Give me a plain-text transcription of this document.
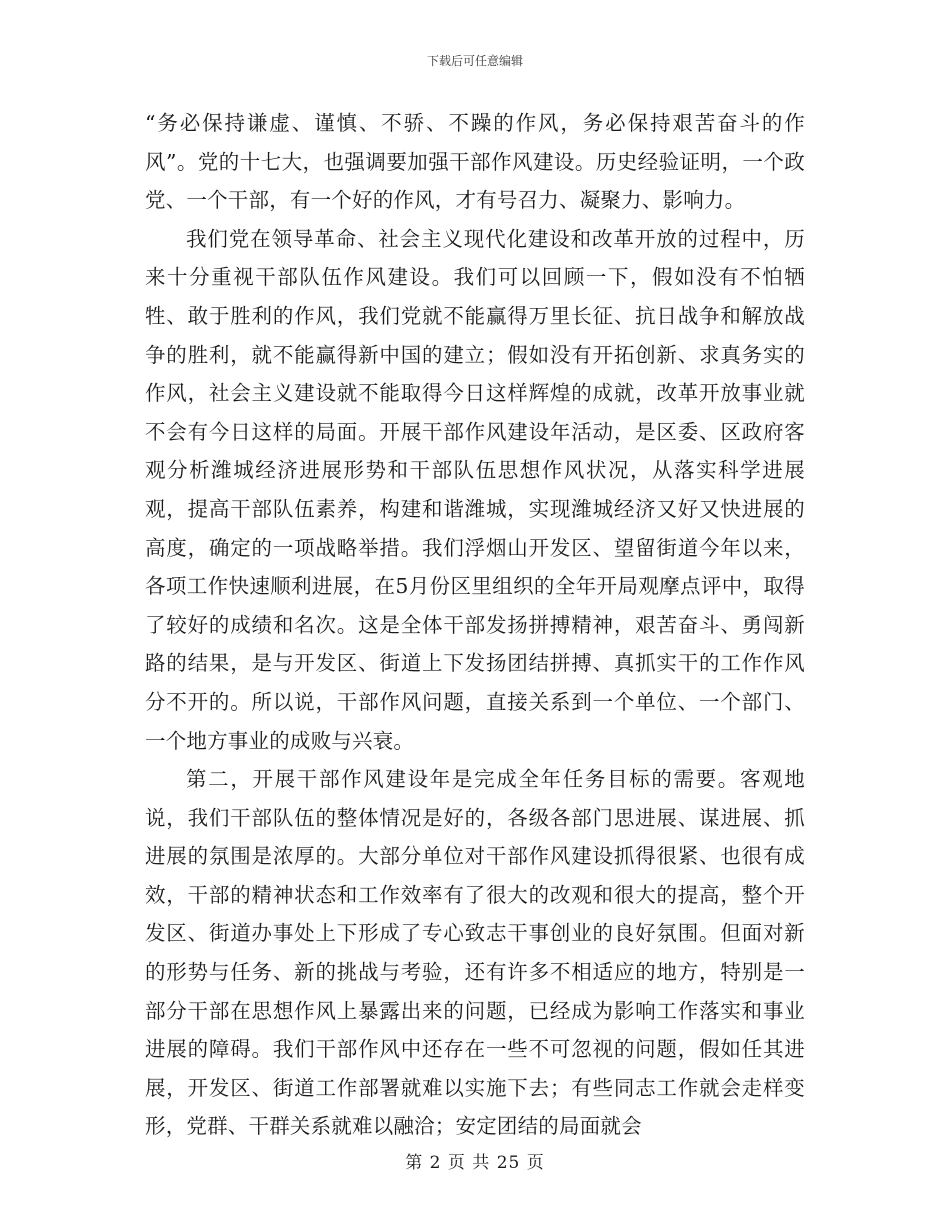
下载后可任意编辑

“务必保持谦虚、谨慎、不骄、不躁的作风，务必保持艰苦奋斗的作风”。党的十七大，也强调要加强干部作风建设。历史经验证明，一个政党、一个干部，有一个好的作风，才有号召力、凝聚力、影响力。

我们党在领导革命、社会主义现代化建设和改革开放的过程中，历来十分重视干部队伍作风建设。我们可以回顾一下，假如没有不怕牺牲、敢于胜利的作风，我们党就不能赢得万里长征、抗日战争和解放战争的胜利，就不能赢得新中国的建立；假如没有开拓创新、求真务实的作风，社会主义建设就不能取得今日这样辉煌的成就，改革开放事业就不会有今日这样的局面。开展干部作风建设年活动，是区委、区政府客观分析潍城经济进展形势和干部队伍思想作风状况，从落实科学进展观，提高干部队伍素养，构建和谐潍城，实现潍城经济又好又快进展的高度，确定的一项战略举措。我们浮烟山开发区、望留街道今年以来，各项工作快速顺利进展，在5月份区里组织的全年开局观摩点评中，取得了较好的成绩和名次。这是全体干部发扬拼搏精神，艰苦奋斗、勇闯新路的结果，是与开发区、街道上下发扬团结拼搏、真抓实干的工作作风分不开的。所以说，干部作风问题，直接关系到一个单位、一个部门、一个地方事业的成败与兴衰。

第二，开展干部作风建设年是完成全年任务目标的需要。客观地说，我们干部队伍的整体情况是好的，各级各部门思进展、谋进展、抓进展的氛围是浓厚的。大部分单位对干部作风建设抓得很紧、也很有成效，干部的精神状态和工作效率有了很大的改观和很大的提高，整个开发区、街道办事处上下形成了专心致志干事创业的良好氛围。但面对新的形势与任务、新的挑战与考验，还有许多不相适应的地方，特别是一部分干部在思想作风上暴露出来的问题，已经成为影响工作落实和事业进展的障碍。我们干部作风中还存在一些不可忽视的问题，假如任其进展，开发区、街道工作部署就难以实施下去；有些同志工作就会走样变形，党群、干群关系就难以融洽；安定团结的局面就会

第 2 页 共 25 页
